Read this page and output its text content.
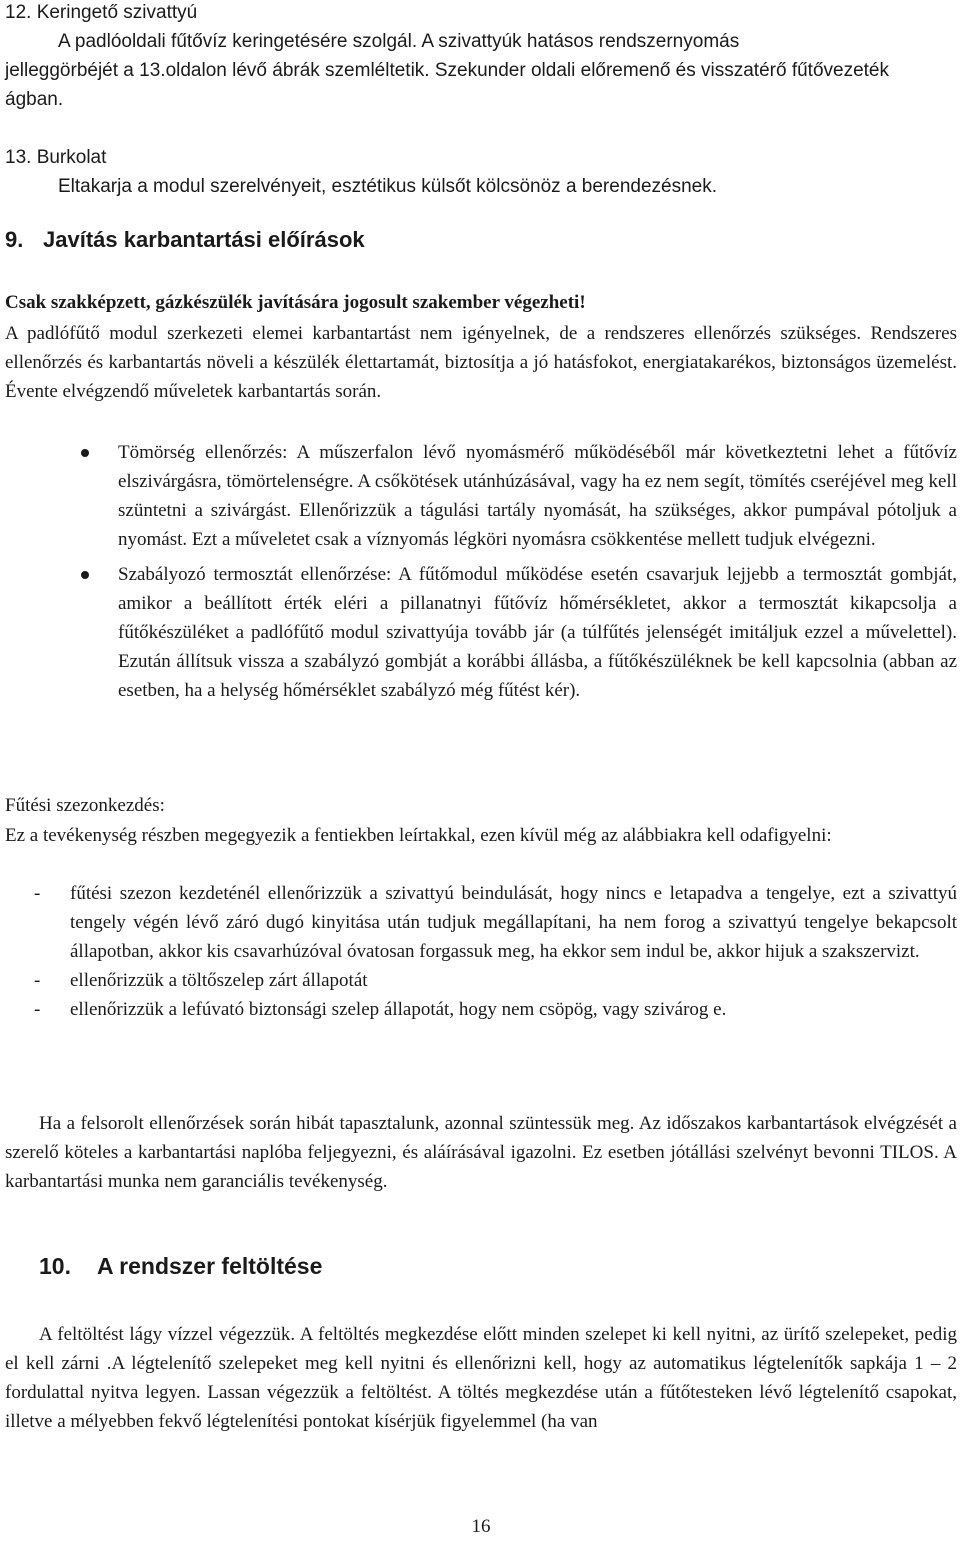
12. Keringető szivattyú

A padlóoldali fűtővíz keringetésére szolgál. A szivattyúk hatásos rendszernyomás

jelleggörbéjét a 13.oldalon lévő ábrák szemléltetik. Szekunder oldali előremenő és visszatérő fűtővezeték ágban.

13. Burkolat

Eltakarja a modul szerelvényeit, esztétikus külsőt kölcsönöz a berendezésnek.

9. Javítás karbantartási előírások

Csak szakképzett, gázkészülék javítására jogosult szakember végezheti!

A padlófűtő modul szerkezeti elemei karbantartást nem igényelnek, de a rendszeres ellenőrzés szükséges. Rendszeres ellenőrzés és karbantartás növeli a készülék élettartamát, biztosítja a jó hatásfokot, energiatakarékos, biztonságos üzemelést. Évente elvégzendő műveletek karbantartás során.
Tömörség ellenőrzés: A műszerfalon lévő nyomásmérő működéséből már következtetni lehet a fűtővíz elszivárgásra, tömörtelenségre. A csőkötések utánhúzásával, vagy ha ez nem segít, tömítés cseréjével meg kell szüntetni a szivárgást. Ellenőrizzük a tágulási tartály nyomását, ha szükséges, akkor pumpával pótoljuk a nyomást. Ezt a műveletet csak a víznyomás légköri nyomásra csökkentése mellett tudjuk elvégezni.
Szabályozó termosztát ellenőrzése: A fűtőmodul működése esetén csavarjuk lejjebb a termosztát gombját, amikor a beállított érték eléri a pillanatnyi fűtővíz hőmérsékletet, akkor a termosztát kikapcsolja a fűtőkészüléket a padlófűtő modul szivattyúja tovább jár (a túlfűtés jelenségét imitáljuk ezzel a művelettel). Ezután állítsuk vissza a szabályzó gombját a korábbi állásba, a fűtőkészüléknek be kell kapcsolnia (abban az esetben, ha a helység hőmérséklet szabályzó még fűtést kér).

Fűtési szezonkezdés:

Ez a tevékenység részben megegyezik a fentiekben leírtakkal, ezen kívül még az alábbiakra kell odafigyelni:

- fűtési szezon kezdeténél ellenőrizzük a szivattyú beindulását, hogy nincs e letapadva a tengelye, ezt a szivattyú tengely végén lévő záró dugó kinyitása után tudjuk megállapítani, ha nem forog a szivattyú tengelye bekapcsolt állapotban, akkor kis csavarhúzóval óvatosan forgassuk meg, ha ekkor sem indul be, akkor hijuk a szakszervizt.
- ellenőrizzük a töltőszelep zárt állapotát
- ellenőrizzük a lefúvató biztonsági szelep állapotát, hogy nem csöpög, vagy szivárog e.

Ha a felsorolt ellenőrzések során hibát tapasztalunk, azonnal szüntessük meg. Az időszakos karbantartások elvégzését a szerelő köteles a karbantartási naplóba feljegyezni, és aláírásával igazolni. Ez esetben jótállási szelvényt bevonni TILOS. A karbantartási munka nem garanciális tevékenység.

10. A rendszer feltöltése

A feltöltést lágy vízzel végezzük. A feltöltés megkezdése előtt minden szelepet ki kell nyitni, az ürítő szelepeket, pedig el kell zárni .A légtelenítő szelepeket meg kell nyitni és ellenőrizni kell, hogy az automatikus légtelenítők sapkája 1 – 2 fordulattal nyitva legyen. Lassan végezzük a feltöltést. A töltés megkezdése után a fűtőtesteken lévő légtelenítő csapokat, illetve a mélyebben fekvő légtelenítési pontokat kísérjük figyelemmel (ha van

16
